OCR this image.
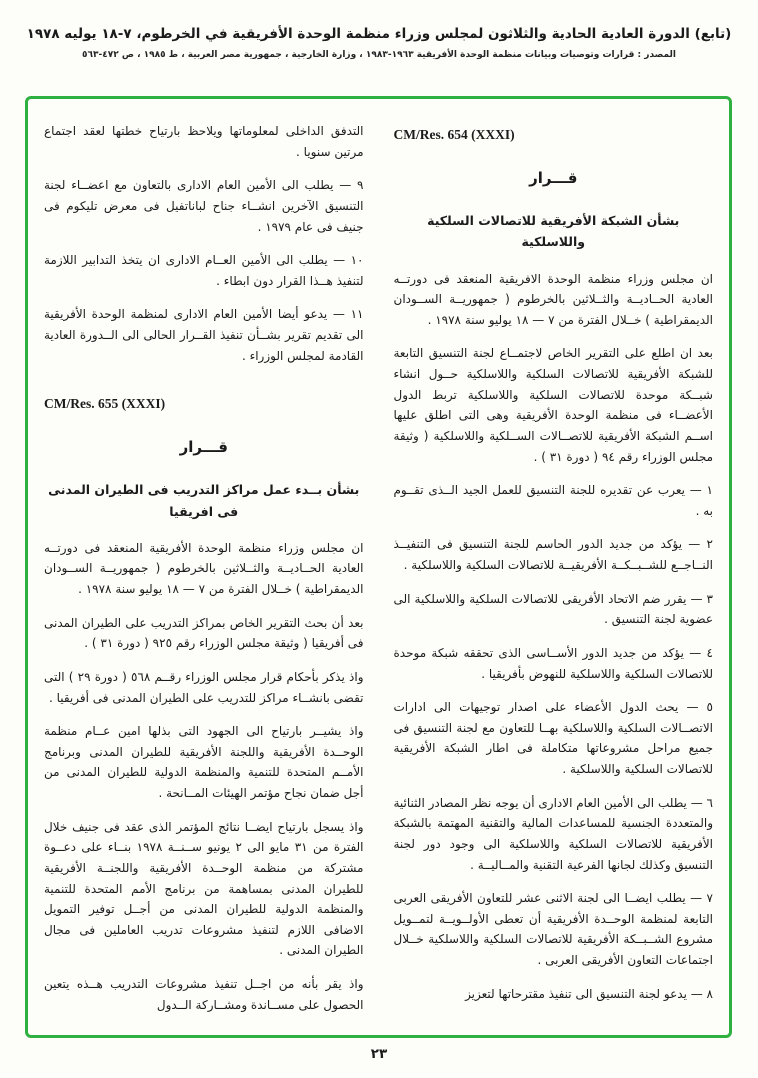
(تابع) الدورة العادية الحادية والثلاثون لمجلس وزراء منظمة الوحدة الأفريقية في الخرطوم، ٧-١٨ يوليه ١٩٧٨
المصدر : قرارات وتوصيات وبيانات منظمة الوحدة الأفريقية ١٩٦٣-١٩٨٣ ، وزارة الخارجية ، جمهورية مصر العربية ، ط ١٩٨٥ ، ص ٤٧٢-٥٦٣
CM/Res. 654 (XXXI)
قـــرار
بشأن الشبكة الأفريقية للاتصالات السلكية واللاسلكية

ان مجلس وزراء منظمة الوحدة الافريقية المنعقد فى دورتــه العادية الحــاديــة والثــلاثين بالخرطوم ( جمهوريــة الســودان الديمقراطية ) خــلال الفترة من ٧ — ١٨ يوليو سنة ١٩٧٨ .

بعد ان اطلع على التقرير الخاص لاجتمــاع لجنة التنسيق التابعة للشبكة الأفريقية للاتصالات السلكية واللاسلكية حــول انشاء شبــكة موحدة للاتصالات السلكية واللاسلكية تربط الدول الأعضــاء فى منظمة الوحدة الأفريقية وهى التى اطلق عليها اســم الشبكة الأفريقية للاتصــالات الســلكية واللاسلكية ( وثيقة مجلس الوزراء رقم ٩٤ ( دورة ٣١ ) .

١ — يعرب عن تقديره للجنة التنسيق للعمل الجيد الــذى تقــوم به .

٢ — يؤكد من جديد الدور الحاسم للجنة التنسيق فى التنفيــذ النــاجــع للشــبــكــة الأفريقيــة للاتصالات السلكية واللاسلكية .

٣ — يقرر ضم الاتحاد الأفريقى للاتصالات السلكية واللاسلكية الى عضوية لجنة التنسيق .

٤ — يؤكد من جديد الدور الأســاسى الذى تحققه شبكة موحدة للاتصالات السلكية واللاسلكية للنهوض بأفريقيا .

٥ — يحث الدول الأعضاء على اصدار توجيهات الى ادارات الاتصــالات السلكية واللاسلكية بهــا للتعاون مع لجنة التنسيق فى جميع مراحل مشروعاتها متكاملة فى اطار الشبكة الأفريقية للاتصالات السلكية واللاسلكية .

٦ — يطلب الى الأمين العام الادارى أن يوجه نظر المصادر الثنائية والمتعددة الجنسية للمساعدات المالية والتقنية المهتمة بالشبكة الأفريقية للاتصالات السلكية واللاسلكية الى وجود دور لجنة التنسيق وكذلك لجانها الفرعية التقنية والمــاليــة .

٧ — يطلب ايضــا الى لجنة الاثنى عشر للتعاون الأفريقى العربى التابعة لمنظمة الوحــدة الأفريقية أن تعطى الأولــويــة لتمــويل مشروع الشــبــكة الأفريقية للاتصالات السلكية واللاسلكية خــلال اجتماعات التعاون الأفريقى العربى .

٨ — يدعو لجنة التنسيق الى تنفيذ مقترحاتها لتعزيز

التدفق الداخلى لمعلوماتها ويلاحظ بارتياح خطتها لعقد اجتماع مرتين سنويا .

٩ — يطلب الى الأمين العام الادارى بالتعاون مع اعضــاء لجنة التنسيق الآخرين انشــاء جناح لباناتفيل فى معرض تليكوم فى جنيف فى عام ١٩٧٩ .

١٠ — يطلب الى الأمين العــام الادارى ان يتخذ التدابير اللازمة لتنفيذ هــذا القرار دون ابطاء .

١١ — يدعو أيضا الأمين العام الادارى لمنظمة الوحدة الأفريقية الى تقديم تقرير بشــأن تنفيذ القــرار الحالى الى الــدورة العادية القادمة لمجلس الوزراء .

CM/Res. 655 (XXXI)
قـــرار
بشأن بــدء عمل مراكز التدريب فى الطيران المدنى فى افريقيا

ان مجلس وزراء منظمة الوحدة الأفريقية المنعقد فى دورتــه العادية الحــاديــة والثــلاثين بالخرطوم ( جمهوريــة الســودان الديمقراطية ) خــلال الفترة من ٧ — ١٨ يوليو سنة ١٩٧٨ .

بعد أن بحث التقرير الخاص بمراكز التدريب على الطيران المدنى فى أفريقيا ( وثيقة مجلس الوزراء رقم ٩٢٥ ( دورة ٣١ ) .

واذ يذكر بأحكام قرار مجلس الوزراء رقــم ٥٦٨ ( دورة ٢٩ ) التى تقضى بانشــاء مراكز للتدريب على الطيران المدنى فى أفريقيا .

واذ يشيــر بارتياح الى الجهود التى بذلها امين عــام منظمة الوحــدة الأفريقية واللجنة الأفريقية للطيران المدنى وبرنامج الأمــم المتحدة للتنمية والمنظمة الدولية للطيران المدنى من أجل ضمان نجاح مؤتمر الهيئات المــانحة .

واذ يسجل بارتياح ايضــا نتائج المؤتمر الذى عقد فى جنيف خلال الفترة من ٣١ مايو الى ٢ يونيو ســنــة ١٩٧٨ بنــاء على دعــوة مشتركة من منظمة الوحــدة الأفريقية واللجنــة الأفريقية للطيران المدنى بمساهمة من برنامج الأمم المتحدة للتنمية والمنظمة الدولية للطيران المدنى من أجــل توفير التمويل الاضافى اللازم لتنفيذ مشروعات تدريب العاملين فى مجال الطيران المدنى .

واذ يقر بأنه من اجــل تنفيذ مشروعات التدريب هــذه يتعين الحصول على مســاندة ومشــاركة الــدول

٢٣
